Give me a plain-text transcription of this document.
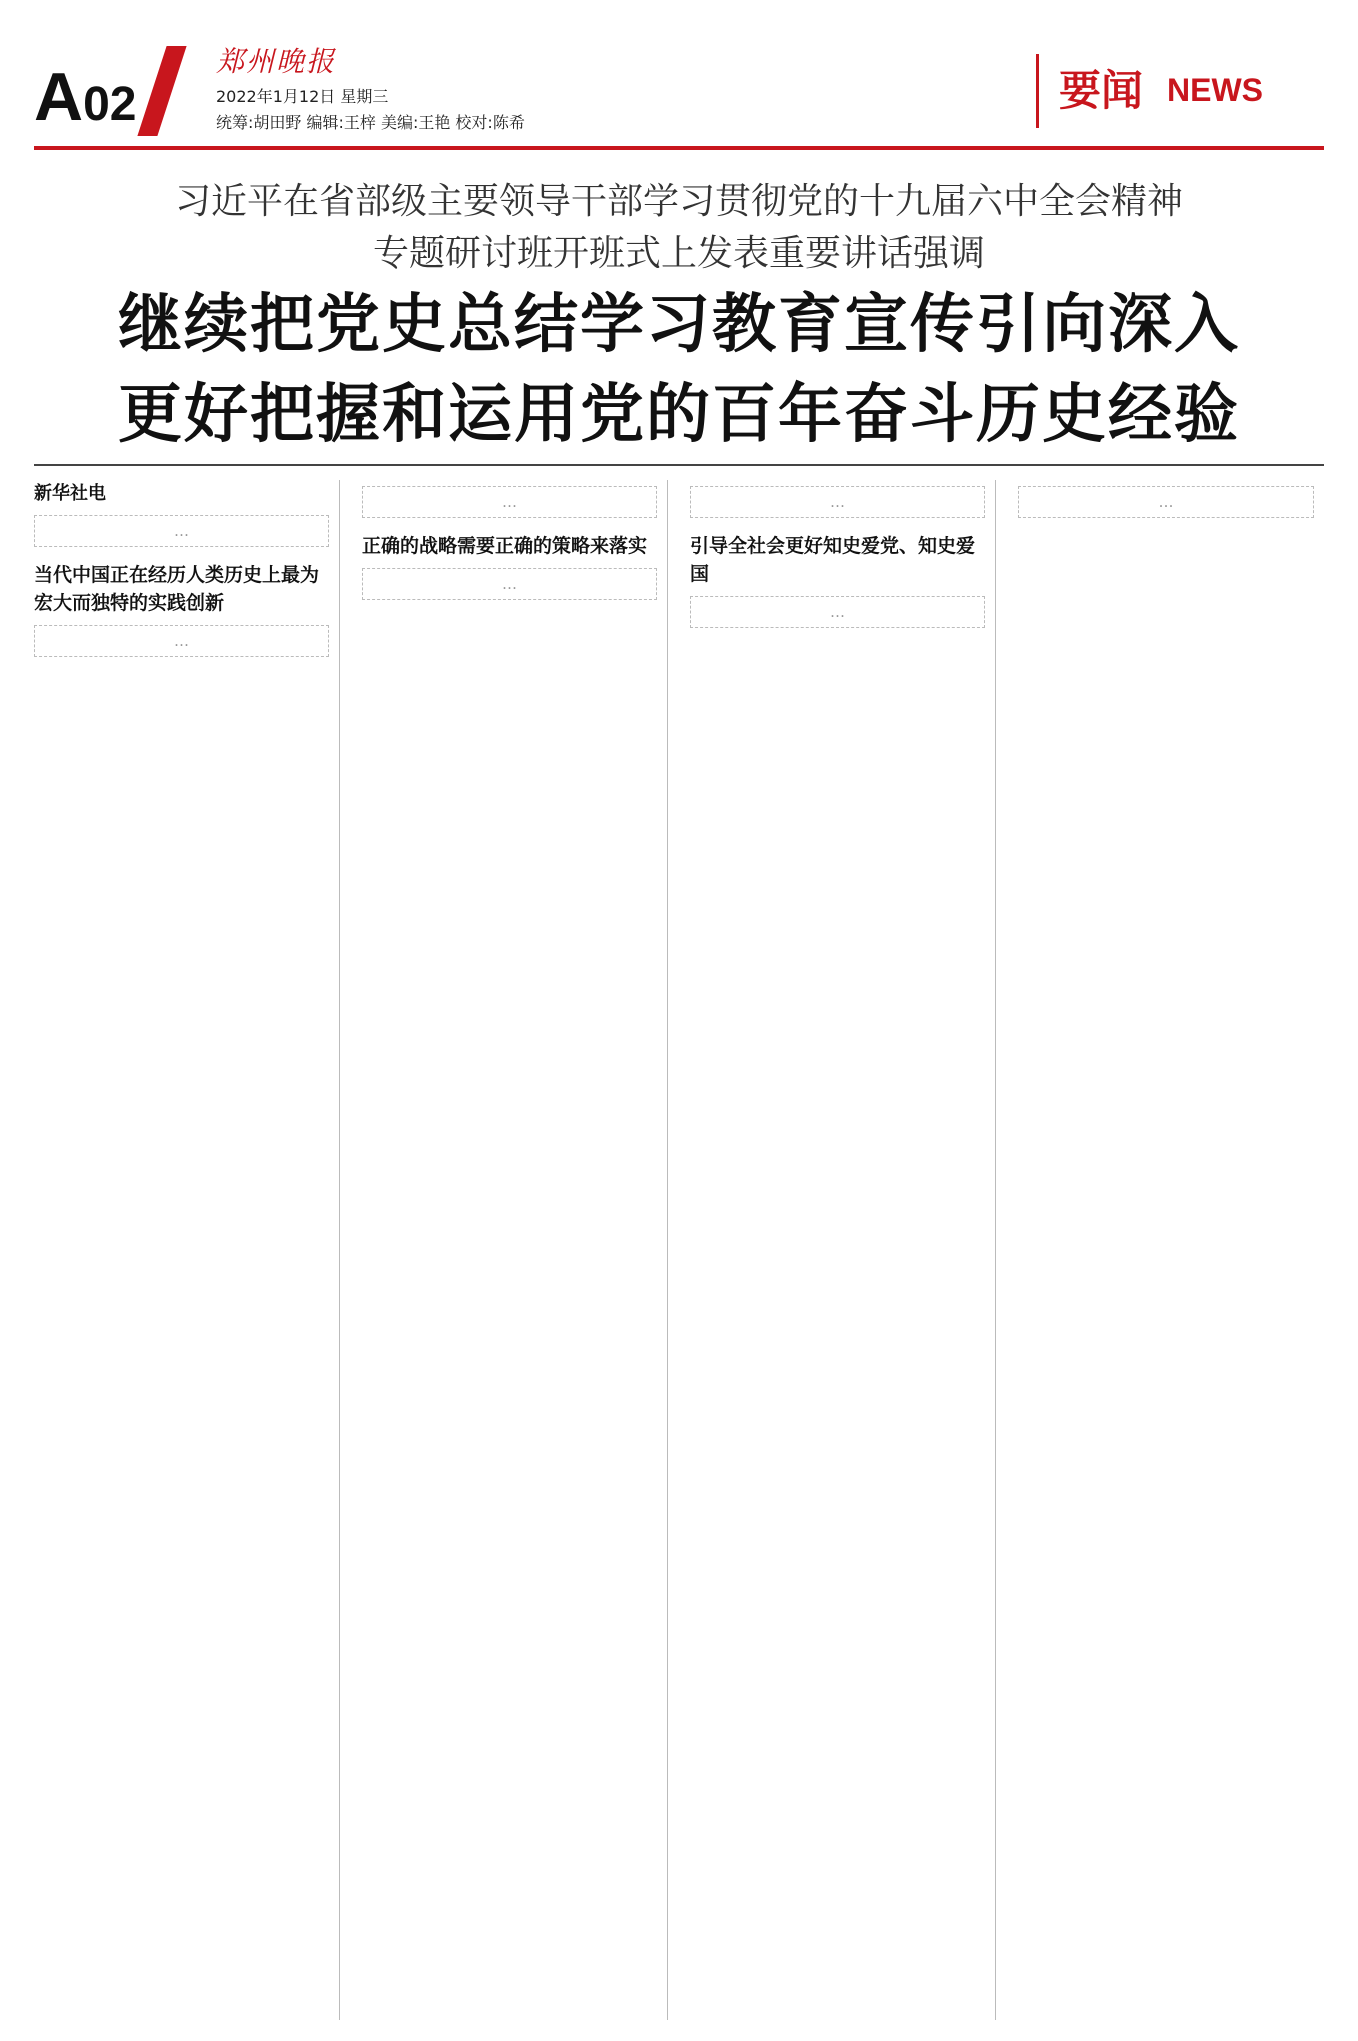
A02
郑州晚报
2022年1月12日 星期三
统筹:胡田野 编辑:王梓 美编:王艳 校对:陈希
要闻 NEWS
习近平在省部级主要领导干部学习贯彻党的十九届六中全会精神
专题研讨班开班式上发表重要讲话强调
继续把党史总结学习教育宣传引向深入
更好把握和运用党的百年奋斗历史经验
新华社电
…
当代中国正在经历人类历史上最为宏大而独特的实践创新
…
…
正确的战略需要正确的策略来落实
…
…
引导全社会更好知史爱党、知史爱国
…
…
